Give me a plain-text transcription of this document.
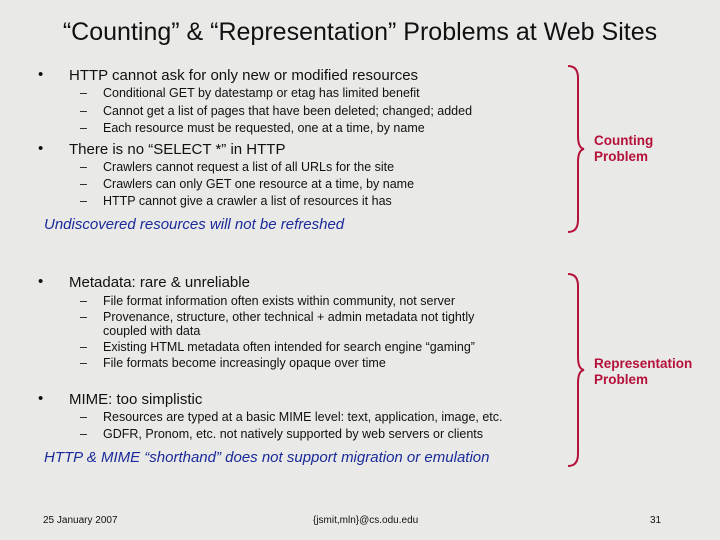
“Counting” & “Representation” Problems at Web Sites
• HTTP cannot ask for only new or modified resources
– Conditional GET by datestamp or etag has limited benefit
– Cannot get a list of pages that have been deleted; changed; added
– Each resource must be requested, one at a time, by name
• There is no “SELECT *” in HTTP
– Crawlers cannot request a list of all URLs for the site
– Crawlers can only GET one resource at a time, by name
– HTTP cannot give a crawler a list of resources it has
Undiscovered resources will not be refreshed
Counting
Problem
• Metadata: rare & unreliable
– File format information often exists within community, not server
– Provenance, structure, other technical + admin metadata not tightly
coupled with data
– Existing HTML metadata often intended for search engine “gaming”
– File formats become increasingly opaque over time
• MIME: too simplistic
– Resources are typed at a basic MIME level: text, application, image, etc.
– GDFR, Pronom, etc. not natively supported by web servers or clients
HTTP & MIME “shorthand” does not support migration or emulation
Representation
Problem
25 January 2007	{jsmit,mln}@cs.odu.edu	31
